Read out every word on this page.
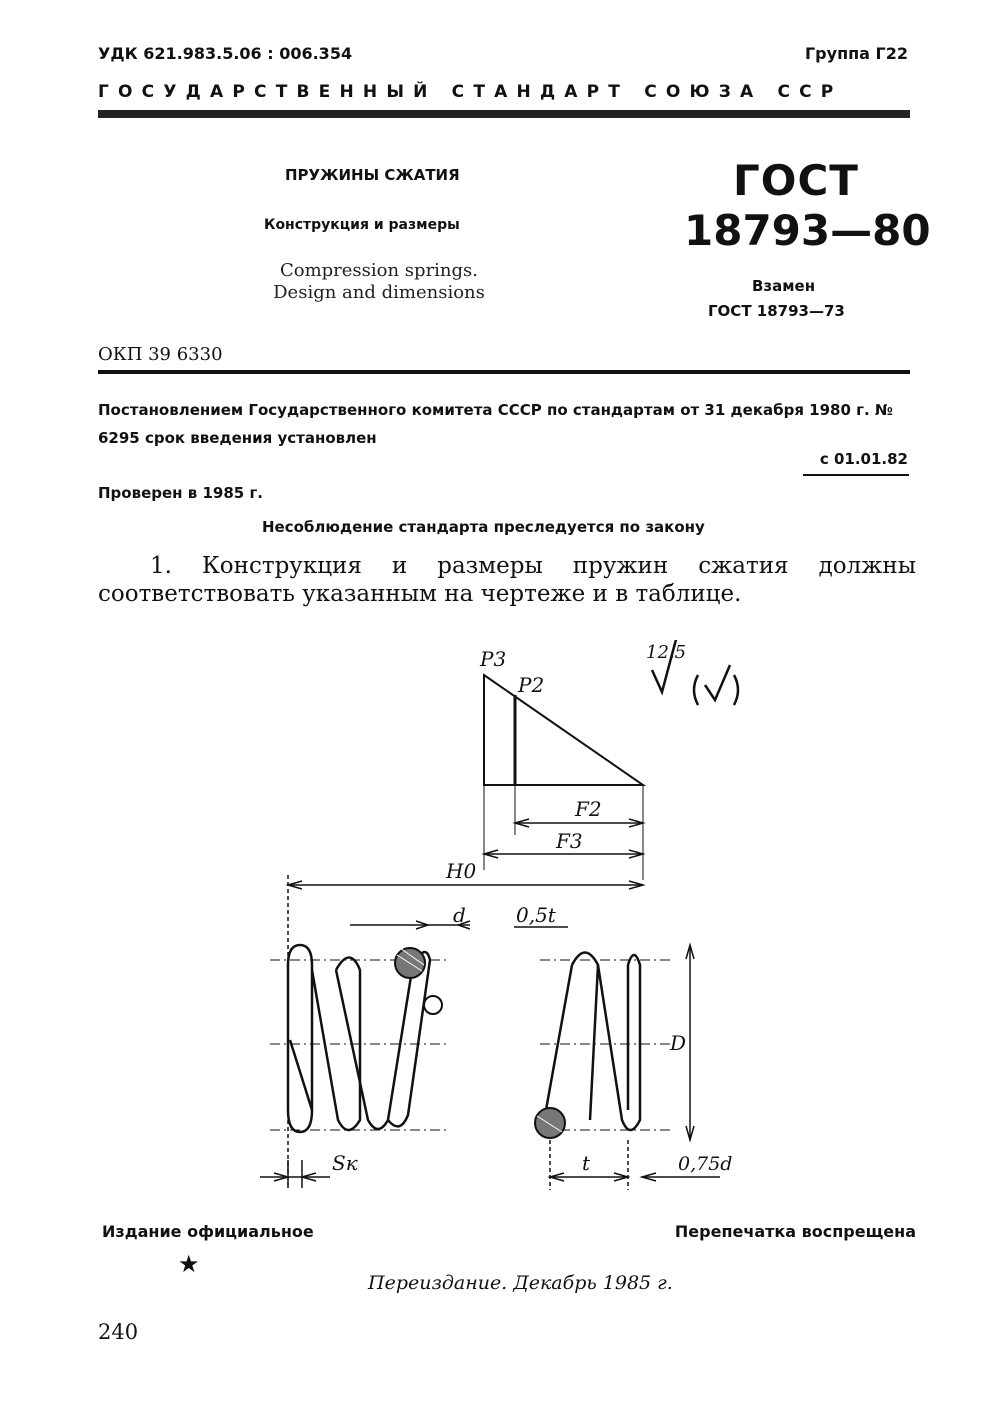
УДК 621.983.5.06 : 006.354	Группа Г22
ГОСУДАРСТВЕННЫЙ СТАНДАРТ СОЮЗА ССР
ПРУЖИНЫ СЖАТИЯ
Конструкция и размеры
Compression springs.
Design and dimensions
ГОСТ
18793—80
Взамен
ГОСТ 18793—73
ОКП 39 6330
Постановлением Государственного комитета СССР по стандартам от 31 декабря 1980 г. № 6295 срок введения установлен
с 01.01.82
Проверен в 1985 г.
Несоблюдение стандарта преследуется по закону
1. Конструкция и размеры пружин сжатия должны соответствовать указанным на чертеже и в таблице.
P3
P2
F2
F3
H0
d	0,5t
D
Sк	t	0,75d
12,5
Издание официальное	Перепечатка воспрещена
★
Переиздание. Декабрь 1985 г.
240
